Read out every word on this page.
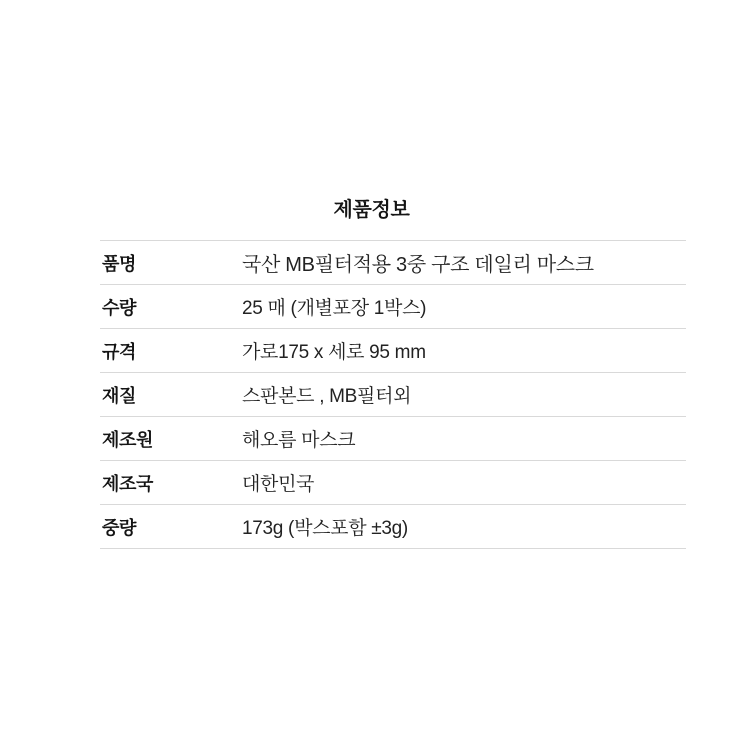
제품정보
품명	국산 MB필터적용 3중 구조 데일리 마스크
수량	25 매 (개별포장 1박스)
규격	가로175 x 세로 95 mm
재질	스판본드 , MB필터외
제조원	해오름 마스크
제조국	대한민국
중량	173g (박스포함 ±3g)
